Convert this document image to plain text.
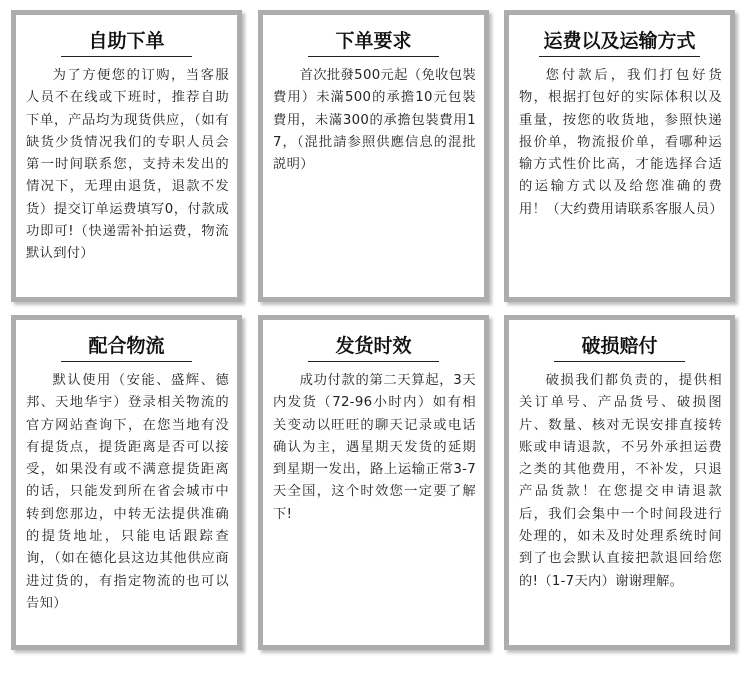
自助下单
为了方便您的订购，当客服人员不在线或下班时，推荐自助下单，产品均为现货供应，（如有缺货少货情况我们的专职人员会第一时间联系您，支持未发出的情况下，无理由退货，退款不发货）提交订单运费填写0，付款成功即可!（快递需补拍运费，物流默认到付）
下单要求
首次批發500元起（免收包裝費用）未滿500的承擔10元包裝費用，未滿300的承擔包裝費用17，（混批請参照供應信息的混批説明）
运费以及运输方式
您付款后，我们打包好货物，根据打包好的实际体积以及重量，按您的收货地，参照快递报价单，物流报价单，看哪种运输方式性价比高，才能选择合适的运输方式以及给您准确的费用！（大约费用请联系客服人员）
配合物流
默认使用（安能、盛辉、德邦、天地华宇）登录相关物流的官方网站查询下，在您当地有没有提货点，提货距离是否可以接受，如果没有或不满意提货距离的话，只能发到所在省会城市中转到您那边，中转无法提供准确的提货地址，只能电话跟踪查询，（如在德化县这边其他供应商进过货的，有指定物流的也可以告知）
发货时效
成功付款的第二天算起，3天内发货（72-96小时内）如有相关变动以旺旺的聊天记录或电话确认为主，遇星期天发货的延期到星期一发出，路上运输正常3-7天全国，这个时效您一定要了解下!
破损赔付
破损我们都负责的，提供相关订单号、产品货号、破损图片、数量、核对无误安排直接转账或申请退款，不另外承担运费之类的其他费用，不补发，只退产品货款！在您提交申请退款后，我们会集中一个时间段进行处理的，如未及时处理系统时间到了也会默认直接把款退回给您的!（1-7天内）谢谢理解。
